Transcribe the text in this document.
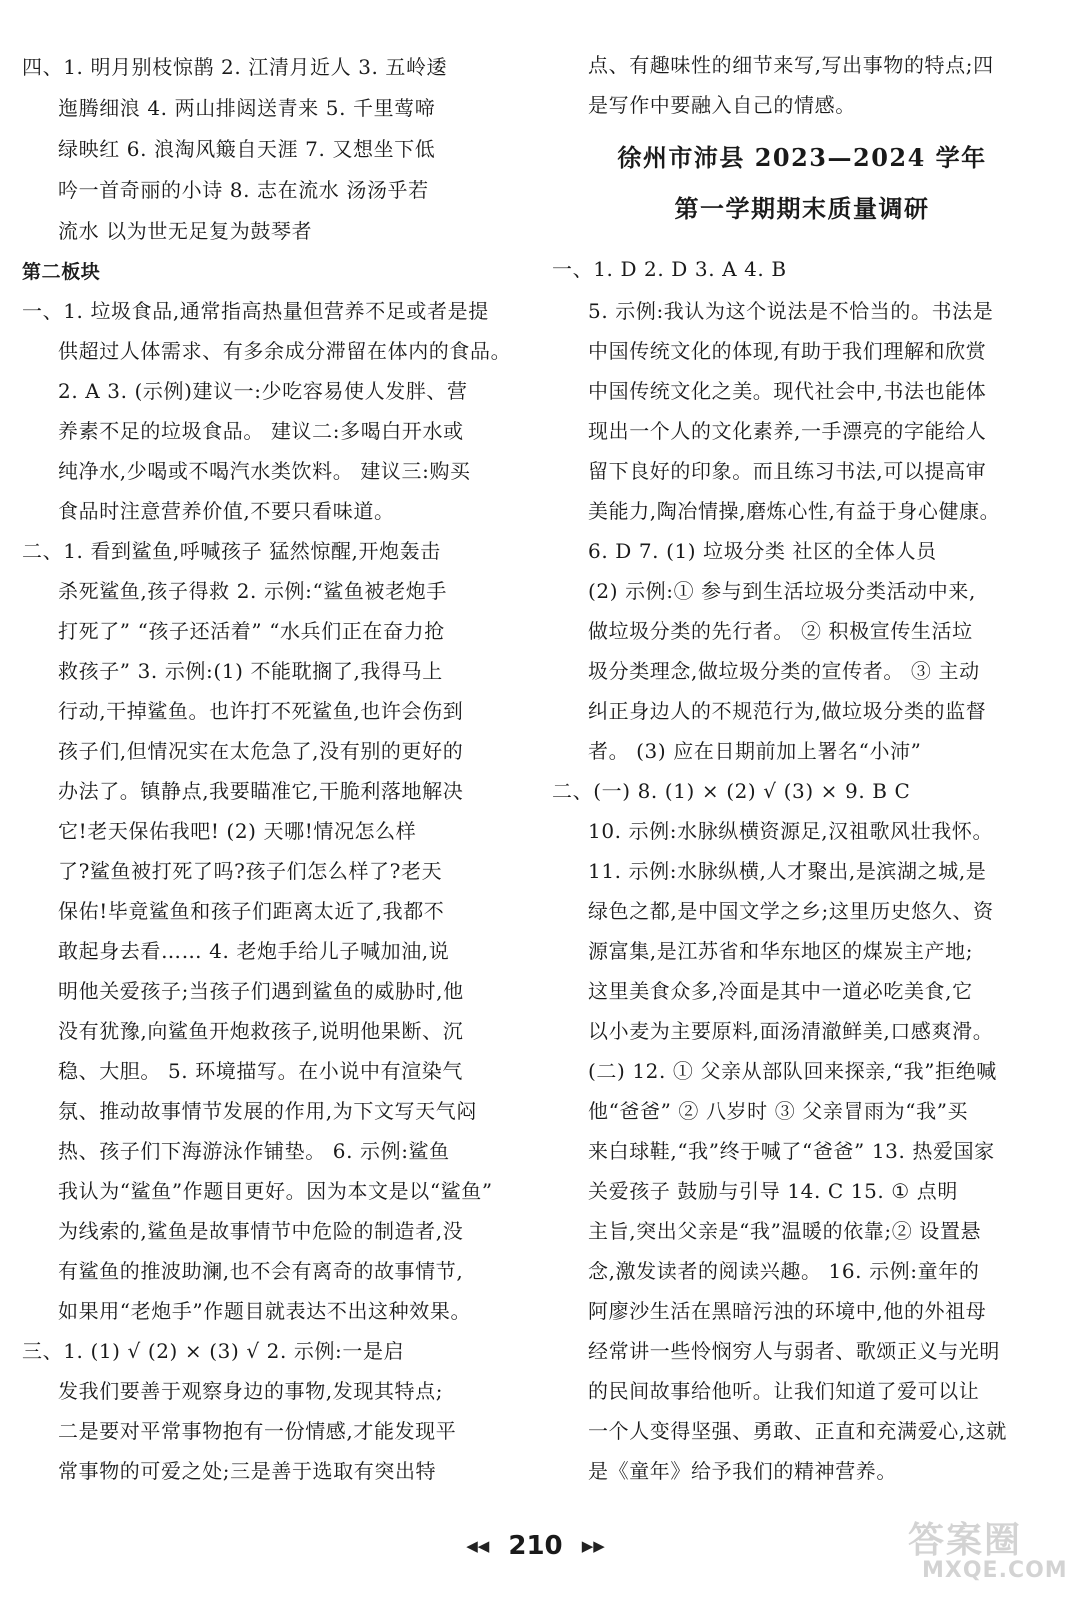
四、1. 明月别枝惊鹊 2. 江清月近人 3. 五岭逶
迤腾细浪 4. 两山排闼送青来 5. 千里莺啼
绿映红 6. 浪淘风簸自天涯 7. 又想坐下低
吟一首奇丽的小诗 8. 志在流水 汤汤乎若
流水 以为世无足复为鼓琴者
第二板块
一、1. 垃圾食品,通常指高热量但营养不足或者是提
供超过人体需求、有多余成分滞留在体内的食品。
2. A 3. (示例)建议一:少吃容易使人发胖、营
养素不足的垃圾食品。 建议二:多喝白开水或
纯净水,少喝或不喝汽水类饮料。 建议三:购买
食品时注意营养价值,不要只看味道。
二、1. 看到鲨鱼,呼喊孩子 猛然惊醒,开炮轰击
杀死鲨鱼,孩子得救 2. 示例:“鲨鱼被老炮手
打死了” “孩子还活着” “水兵们正在奋力抢
救孩子” 3. 示例:(1) 不能耽搁了,我得马上
行动,干掉鲨鱼。也许打不死鲨鱼,也许会伤到
孩子们,但情况实在太危急了,没有别的更好的
办法了。镇静点,我要瞄准它,干脆利落地解决
它!老天保佑我吧! (2) 天哪!情况怎么样
了?鲨鱼被打死了吗?孩子们怎么样了?老天
保佑!毕竟鲨鱼和孩子们距离太近了,我都不
敢起身去看…… 4. 老炮手给儿子喊加油,说
明他关爱孩子;当孩子们遇到鲨鱼的威胁时,他
没有犹豫,向鲨鱼开炮救孩子,说明他果断、沉
稳、大胆。 5. 环境描写。在小说中有渲染气
氛、推动故事情节发展的作用,为下文写天气闷
热、孩子们下海游泳作铺垫。 6. 示例:鲨鱼
我认为“鲨鱼”作题目更好。因为本文是以“鲨鱼”
为线索的,鲨鱼是故事情节中危险的制造者,没
有鲨鱼的推波助澜,也不会有离奇的故事情节,
如果用“老炮手”作题目就表达不出这种效果。
三、1. (1) √ (2) × (3) √ 2. 示例:一是启
发我们要善于观察身边的事物,发现其特点;
二是要对平常事物抱有一份情感,才能发现平
常事物的可爱之处;三是善于选取有突出特
点、有趣味性的细节来写,写出事物的特点;四
是写作中要融入自己的情感。
徐州市沛县 2023—2024 学年
第一学期期末质量调研
一、1. D 2. D 3. A 4. B
5. 示例:我认为这个说法是不恰当的。书法是
中国传统文化的体现,有助于我们理解和欣赏
中国传统文化之美。现代社会中,书法也能体
现出一个人的文化素养,一手漂亮的字能给人
留下良好的印象。而且练习书法,可以提高审
美能力,陶冶情操,磨炼心性,有益于身心健康。
6. D 7. (1) 垃圾分类 社区的全体人员
(2) 示例:① 参与到生活垃圾分类活动中来,
做垃圾分类的先行者。 ② 积极宣传生活垃
圾分类理念,做垃圾分类的宣传者。 ③ 主动
纠正身边人的不规范行为,做垃圾分类的监督
者。 (3) 应在日期前加上署名“小沛”
二、(一) 8. (1) × (2) √ (3) × 9. B C
10. 示例:水脉纵横资源足,汉祖歌风壮我怀。
11. 示例:水脉纵横,人才聚出,是滨湖之城,是
绿色之都,是中国文学之乡;这里历史悠久、资
源富集,是江苏省和华东地区的煤炭主产地;
这里美食众多,冷面是其中一道必吃美食,它
以小麦为主要原料,面汤清澈鲜美,口感爽滑。
(二) 12. ① 父亲从部队回来探亲,“我”拒绝喊
他“爸爸” ② 八岁时 ③ 父亲冒雨为“我”买
来白球鞋,“我”终于喊了“爸爸” 13. 热爱国家
关爱孩子 鼓励与引导 14. C 15. ① 点明
主旨,突出父亲是“我”温暖的依靠;② 设置悬
念,激发读者的阅读兴趣。 16. 示例:童年的
阿廖沙生活在黑暗污浊的环境中,他的外祖母
经常讲一些怜悯穷人与弱者、歌颂正义与光明
的民间故事给他听。让我们知道了爱可以让
一个人变得坚强、勇敢、正直和充满爱心,这就
是《童年》给予我们的精神营养。
◀◀ 210 ▶▶	答案圈
MXQE.COM
